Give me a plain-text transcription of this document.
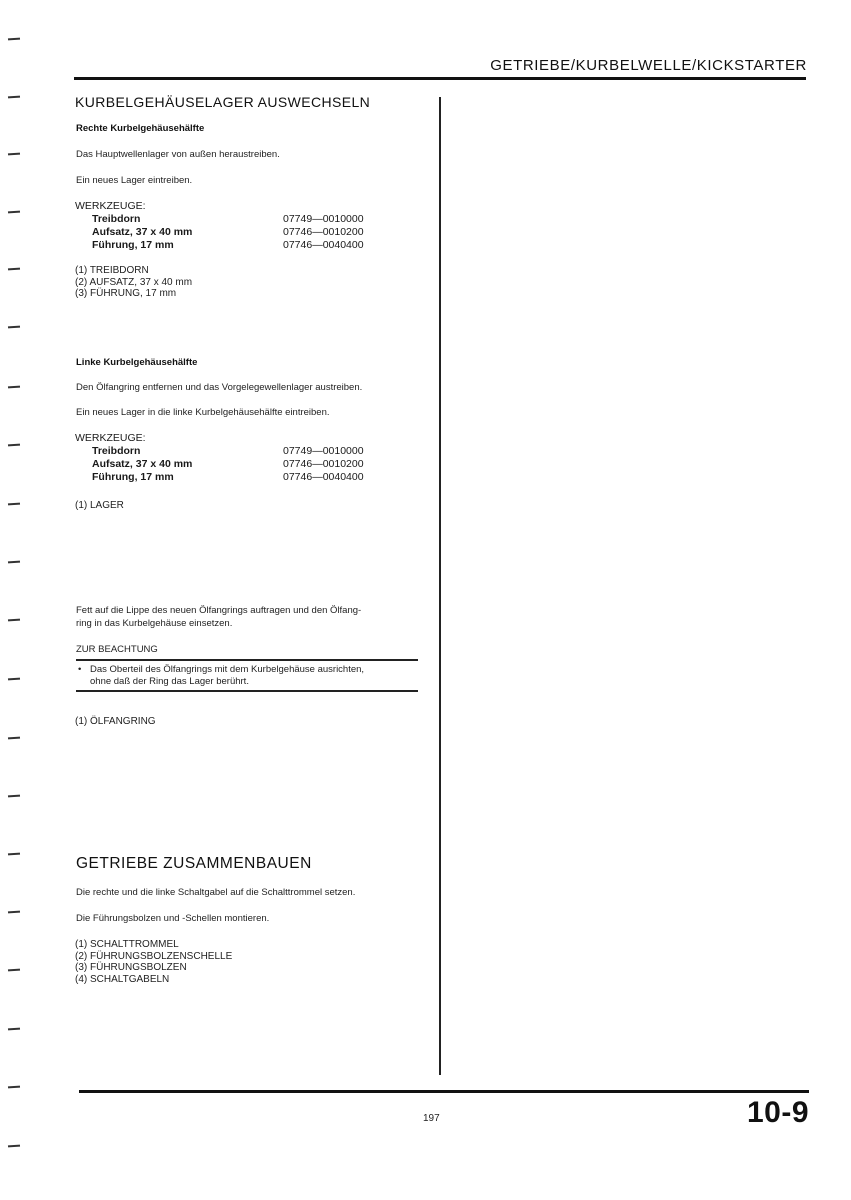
GETRIEBE/KURBELWELLE/KICKSTARTER
KURBELGEHÄUSELAGER AUSWECHSELN
Rechte Kurbelgehäusehälfte
Das Hauptwellenlager von außen heraustreiben.
Ein neues Lager eintreiben.
WERKZEUGE:
Treibdorn	07749—0010000
Aufsatz, 37 x 40 mm	07746—0010200
Führung, 17 mm	07746—0040400
(1) TREIBDORN
(2) AUFSATZ, 37 x 40 mm
(3) FÜHRUNG, 17 mm
Linke Kurbelgehäusehälfte
Den Ölfangring entfernen und das Vorgelegewellenlager austreiben.
Ein neues Lager in die linke Kurbelgehäusehälfte eintreiben.
WERKZEUGE:
Treibdorn	07749—0010000
Aufsatz, 37 x 40 mm	07746—0010200
Führung, 17 mm	07746—0040400
(1) LAGER
Fett auf die Lippe des neuen Ölfangrings auftragen und den Ölfang-
ring in das Kurbelgehäuse einsetzen.
ZUR BEACHTUNG
• Das Oberteil des Ölfangrings mit dem Kurbelgehäuse ausrichten,
ohne daß der Ring das Lager berührt.
(1) ÖLFANGRING
GETRIEBE ZUSAMMENBAUEN
Die rechte und die linke Schaltgabel auf die Schalttrommel setzen.
Die Führungsbolzen und -Schellen montieren.
(1) SCHALTTROMMEL
(2) FÜHRUNGSBOLZENSCHELLE
(3) FÜHRUNGSBOLZEN
(4) SCHALTGABELN
197	10-9
